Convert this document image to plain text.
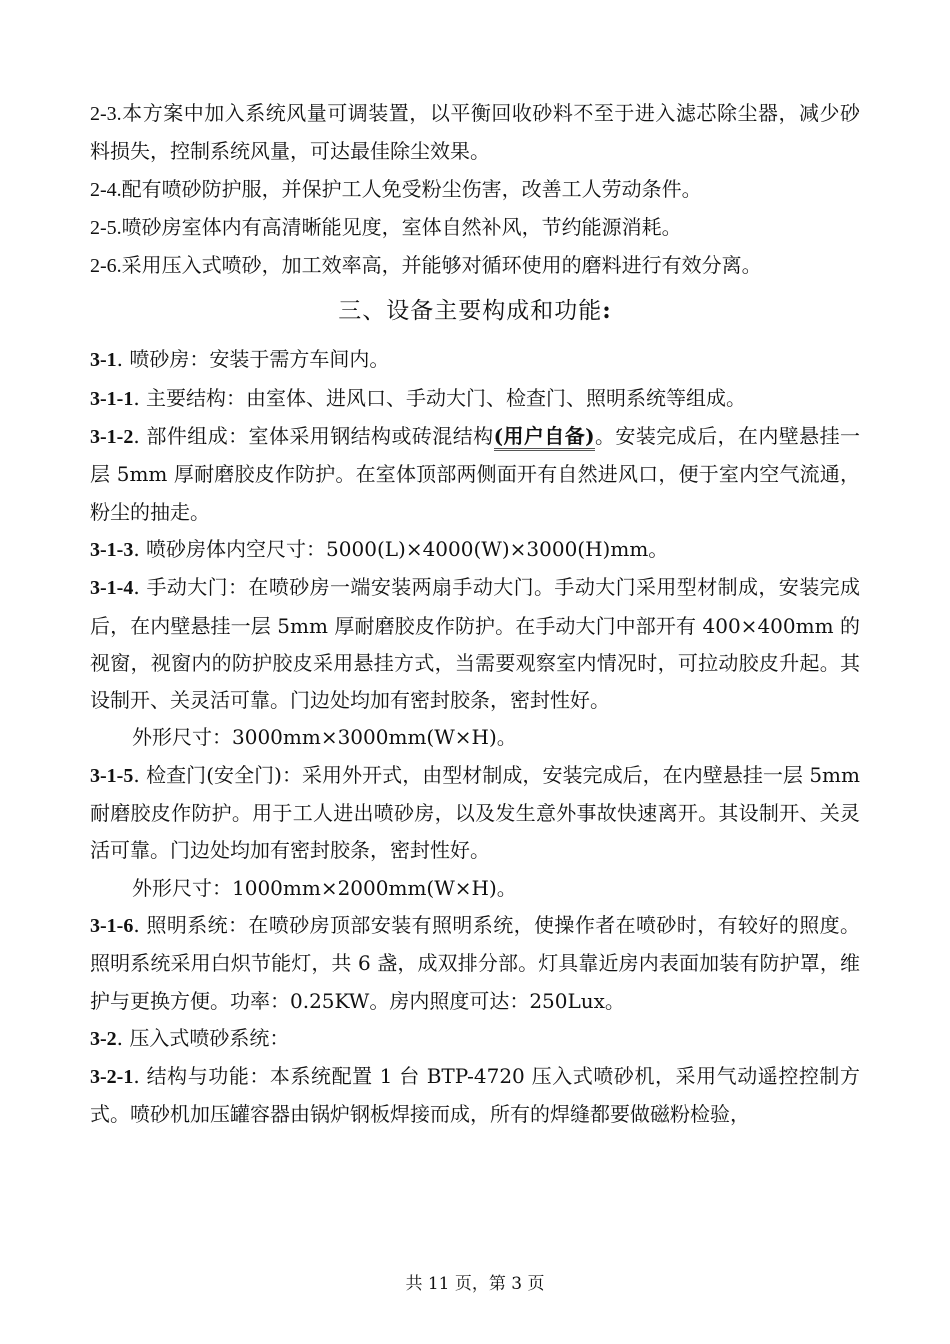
2-3.本方案中加入系统风量可调装置，以平衡回收砂料不至于进入滤芯除尘器，减少砂料损失，控制系统风量，可达最佳除尘效果。

2-4.配有喷砂防护服，并保护工人免受粉尘伤害，改善工人劳动条件。

2-5.喷砂房室体内有高清晰能见度，室体自然补风，节约能源消耗。

2-6.采用压入式喷砂，加工效率高，并能够对循环使用的磨料进行有效分离。

三、设备主要构成和功能:

3-1. 喷砂房：安装于需方车间内。

3-1-1. 主要结构：由室体、进风口、手动大门、检查门、照明系统等组成。

3-1-2. 部件组成：室体采用钢结构或砖混结构(用户自备)。安装完成后，在内壁悬挂一层 5mm 厚耐磨胶皮作防护。在室体顶部两侧面开有自然进风口，便于室内空气流通，粉尘的抽走。

3-1-3. 喷砂房体内空尺寸：5000(L)×4000(W)×3000(H)mm。

3-1-4. 手动大门：在喷砂房一端安装两扇手动大门。手动大门采用型材制成，安装完成后，在内壁悬挂一层 5mm 厚耐磨胶皮作防护。在手动大门中部开有 400×400mm 的视窗，视窗内的防护胶皮采用悬挂方式，当需要观察室内情况时，可拉动胶皮升起。其设制开、关灵活可靠。门边处均加有密封胶条，密封性好。

外形尺寸：3000mm×3000mm(W×H)。

3-1-5. 检查门(安全门)：采用外开式，由型材制成，安装完成后，在内壁悬挂一层 5mm 耐磨胶皮作防护。用于工人进出喷砂房，以及发生意外事故快速离开。其设制开、关灵活可靠。门边处均加有密封胶条，密封性好。

外形尺寸：1000mm×2000mm(W×H)。

3-1-6. 照明系统：在喷砂房顶部安装有照明系统，使操作者在喷砂时，有较好的照度。照明系统采用白炽节能灯，共 6 盏，成双排分部。灯具靠近房内表面加装有防护罩，维护与更换方便。功率：0.25KW。房内照度可达：250Lux。

3-2. 压入式喷砂系统：

3-2-1. 结构与功能：本系统配置 1 台 BTP-4720 压入式喷砂机，采用气动遥控控制方式。喷砂机加压罐容器由锅炉钢板焊接而成，所有的焊缝都要做磁粉检验，

共 11 页，第 3 页
